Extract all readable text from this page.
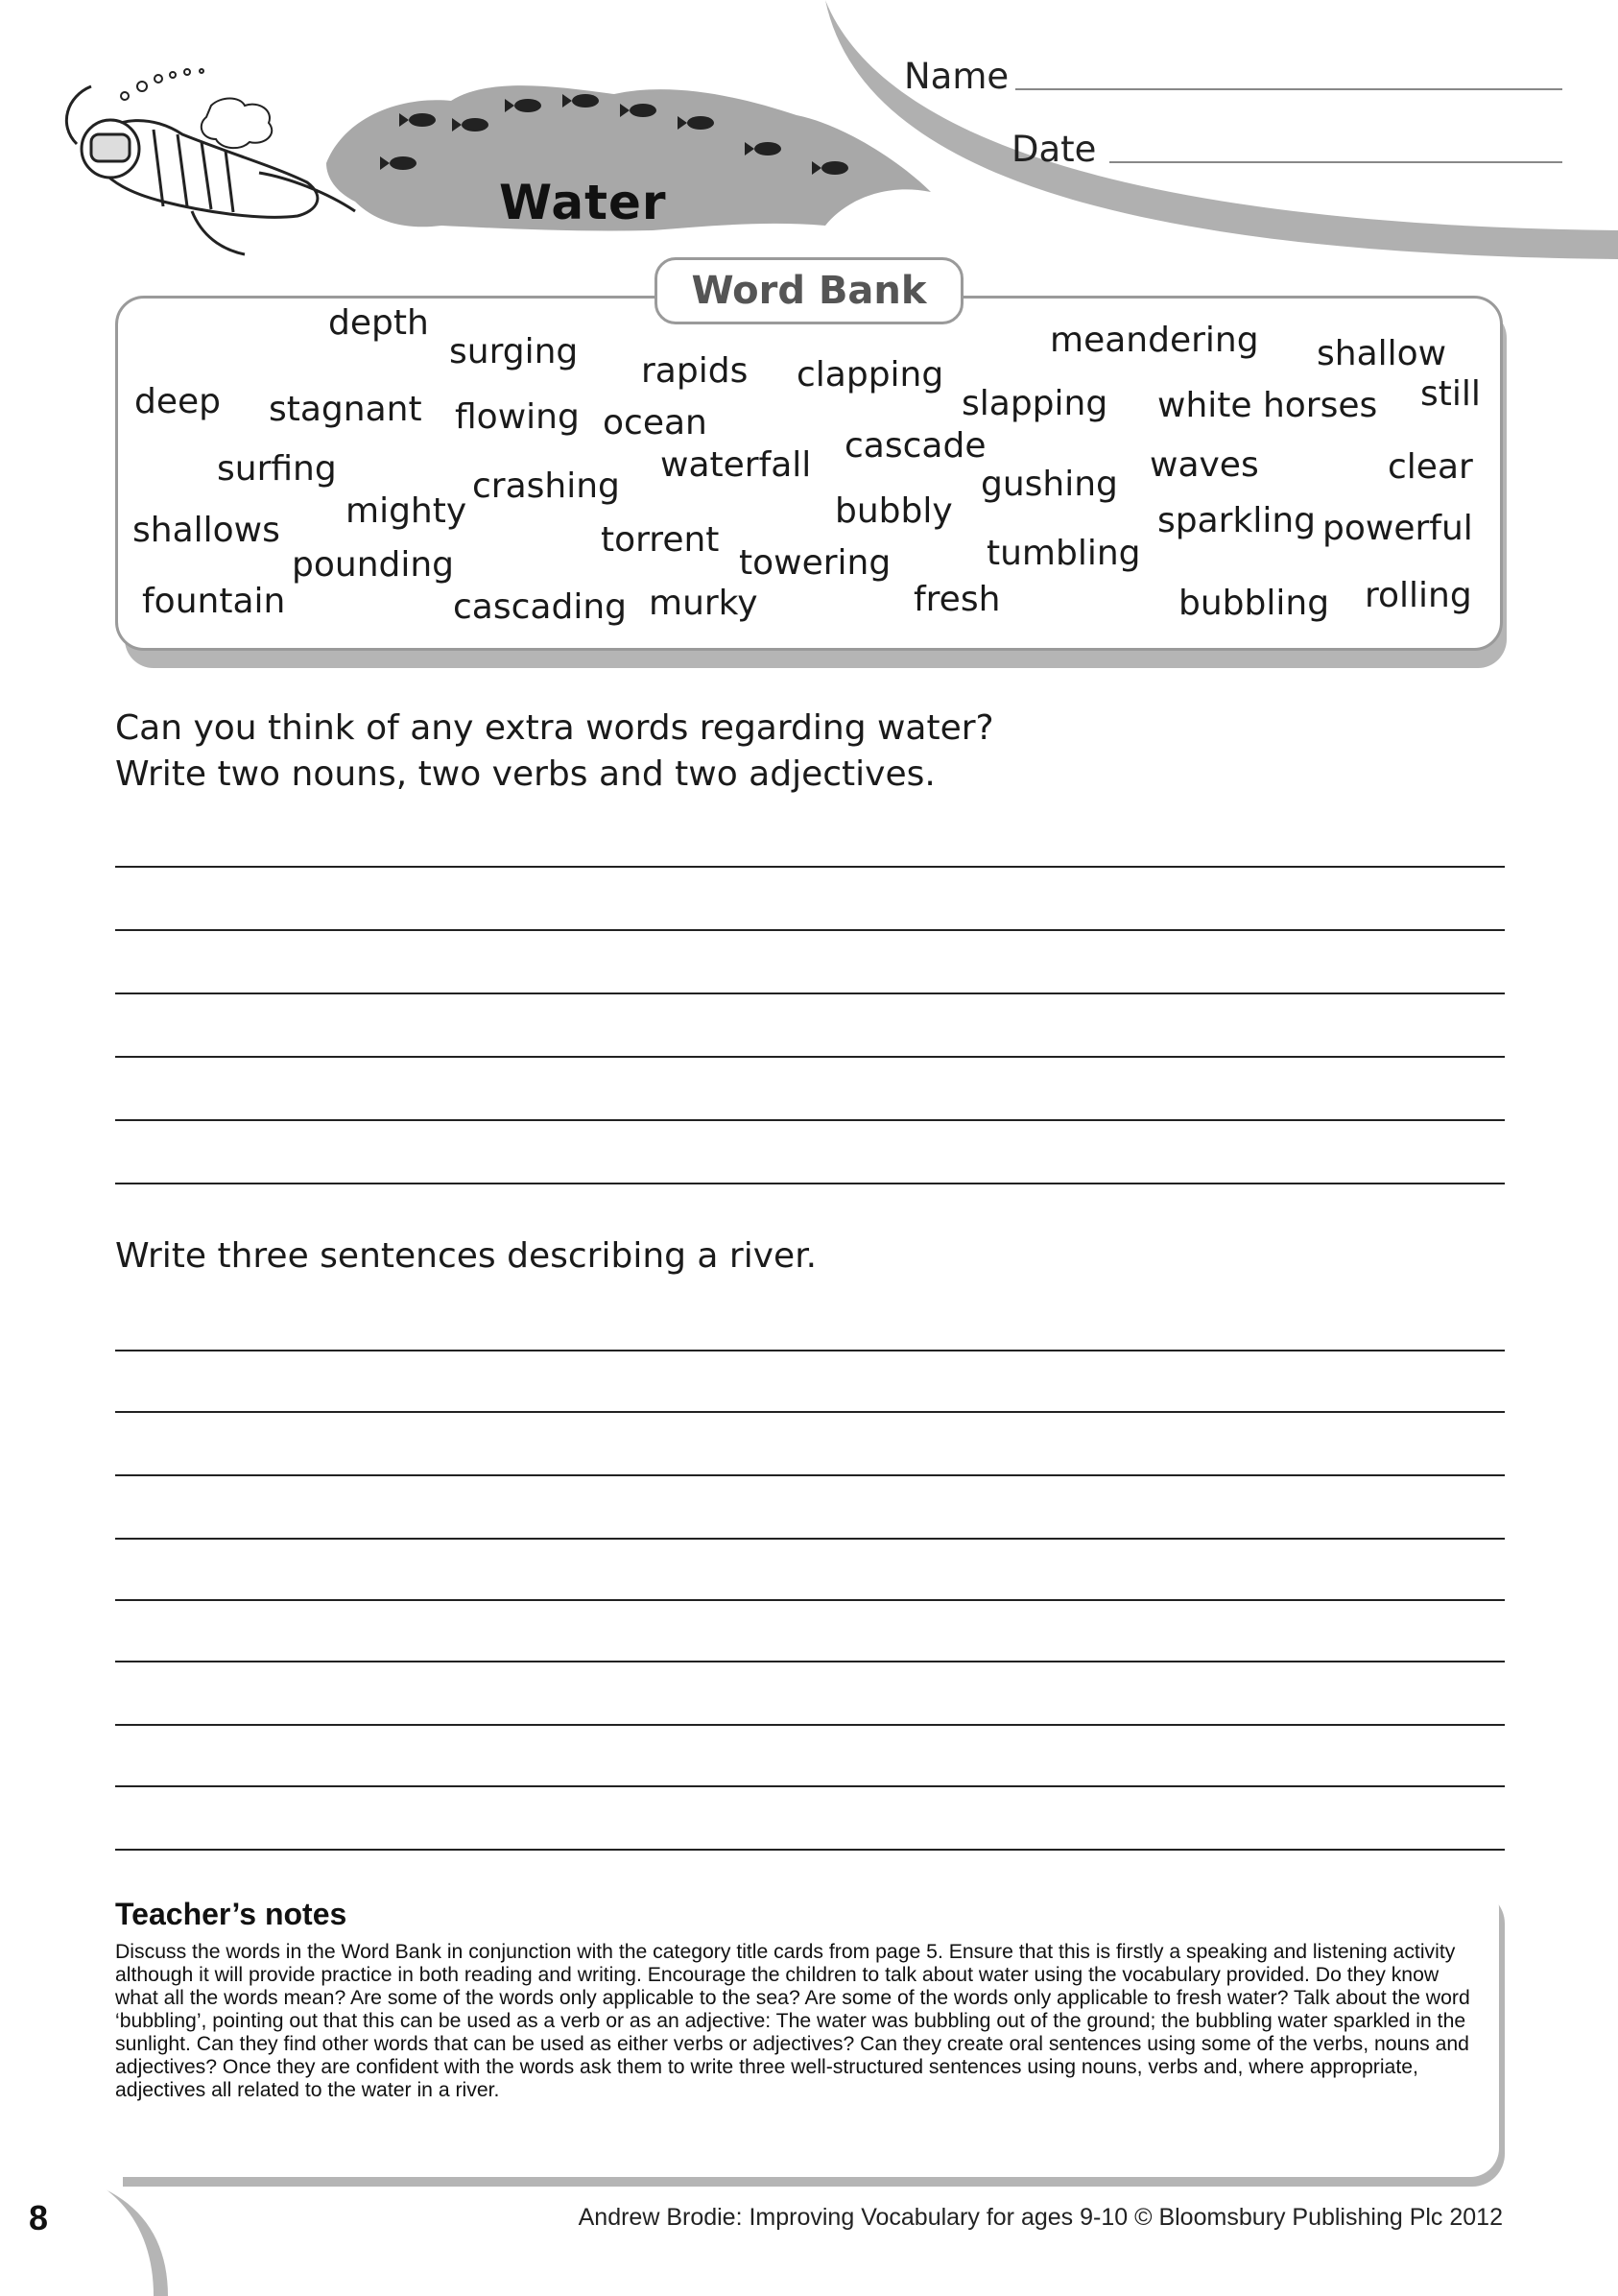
Name
Date
Water
Word Bank
depth
surging rapids clapping
meandering shallow
still
deep stagnant flowing ocean	slapping white horses
cascade
surfing	waterfall
crashing	gushing waves	clear
mighty	bubbly	sparkling powerful
shallows	torrent	tumbling
pounding	towering
fountain	cascading murky	fresh	bubbling rolling
Can you think of any extra words regarding water?
Write two nouns, two verbs and two adjectives.
Write three sentences describing a river.
Teacher’s notes
Discuss the words in the Word Bank in conjunction with the category title cards from page 5. Ensure that this is firstly a speaking and listening activity although it will provide practice in both reading and writing. Encourage the children to talk about water using the vocabulary provided. Do they know what all the words mean? Are some of the words only applicable to the sea? Are some of the words only applicable to fresh water? Talk about the word ‘bubbling’, pointing out that this can be used as a verb or as an adjective: The water was bubbling out of the ground; the bubbling water sparkled in the sunlight. Can they find other words that can be used as either verbs or adjectives? Can they create oral sentences using some of the verbs, nouns and adjectives? Once they are confident with the words ask them to write three well-structured sentences using nouns, verbs and, where appropriate, adjectives all related to the water in a river.
8	Andrew Brodie: Improving Vocabulary for ages 9-10 © Bloomsbury Publishing Plc 2012
